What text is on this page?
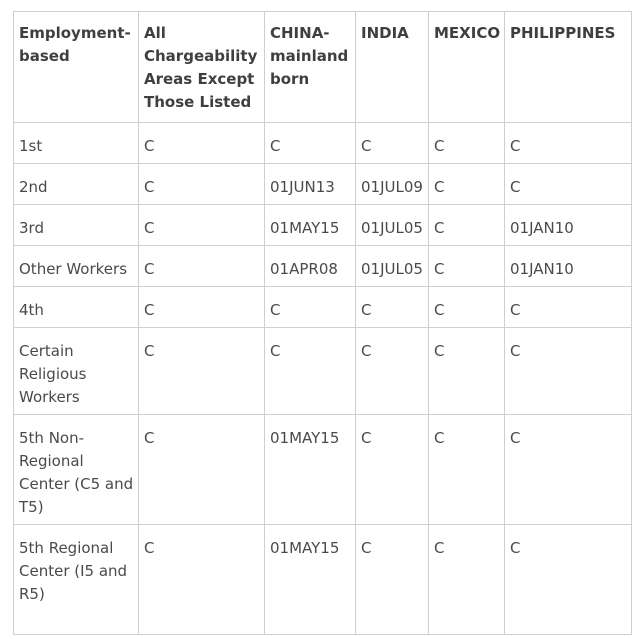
Employment-based	All Chargeability Areas Except Those Listed	CHINA-mainland born	INDIA	MEXICO	PHILIPPINES
1st	C	C	C	C	C
2nd	C	01JUN13	01JUL09	C	C
3rd	C	01MAY15	01JUL05	C	01JAN10
Other Workers	C	01APR08	01JUL05	C	01JAN10
4th	C	C	C	C	C
Certain Religious Workers	C	C	C	C	C
5th Non-Regional Center (C5 and T5)	C	01MAY15	C	C	C
5th Regional Center (I5 and R5)	C	01MAY15	C	C	C
